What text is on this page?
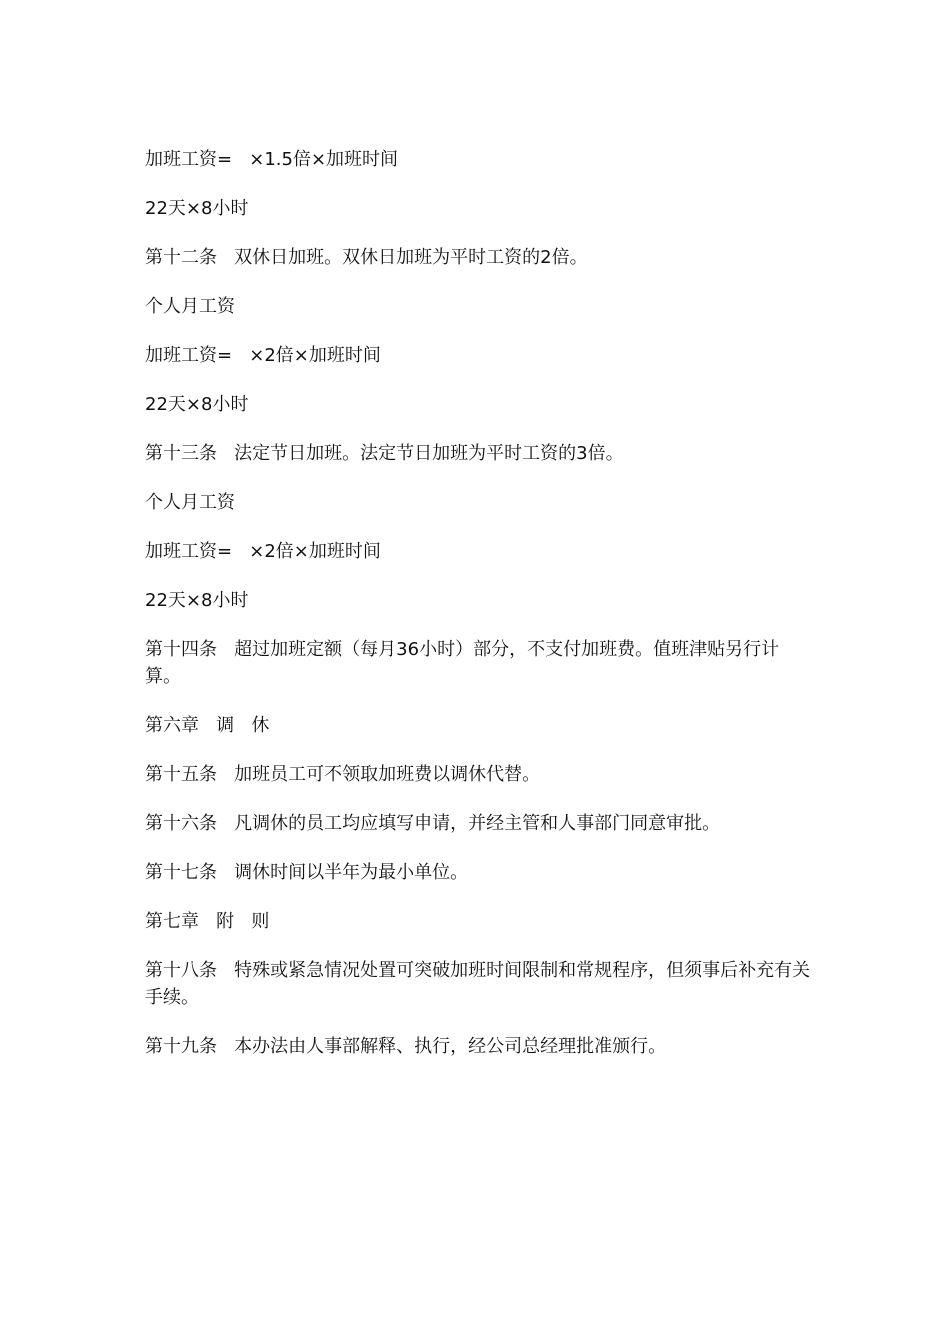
加班工资=   ×1.5倍×加班时间

22天×8小时

第十二条   双休日加班。双休日加班为平时工资的2倍。

个人月工资

加班工资=   ×2倍×加班时间

22天×8小时

第十三条   法定节日加班。法定节日加班为平时工资的3倍。

个人月工资

加班工资=   ×2倍×加班时间

22天×8小时

第十四条   超过加班定额（每月36小时）部分，不支付加班费。值班津贴另行计算。

第六章   调   休

第十五条   加班员工可不领取加班费以调休代替。

第十六条   凡调休的员工均应填写申请，并经主管和人事部门同意审批。

第十七条   调休时间以半年为最小单位。

第七章   附   则

第十八条   特殊或紧急情况处置可突破加班时间限制和常规程序，但须事后补充有关手续。

第十九条   本办法由人事部解释、执行，经公司总经理批准颁行。
